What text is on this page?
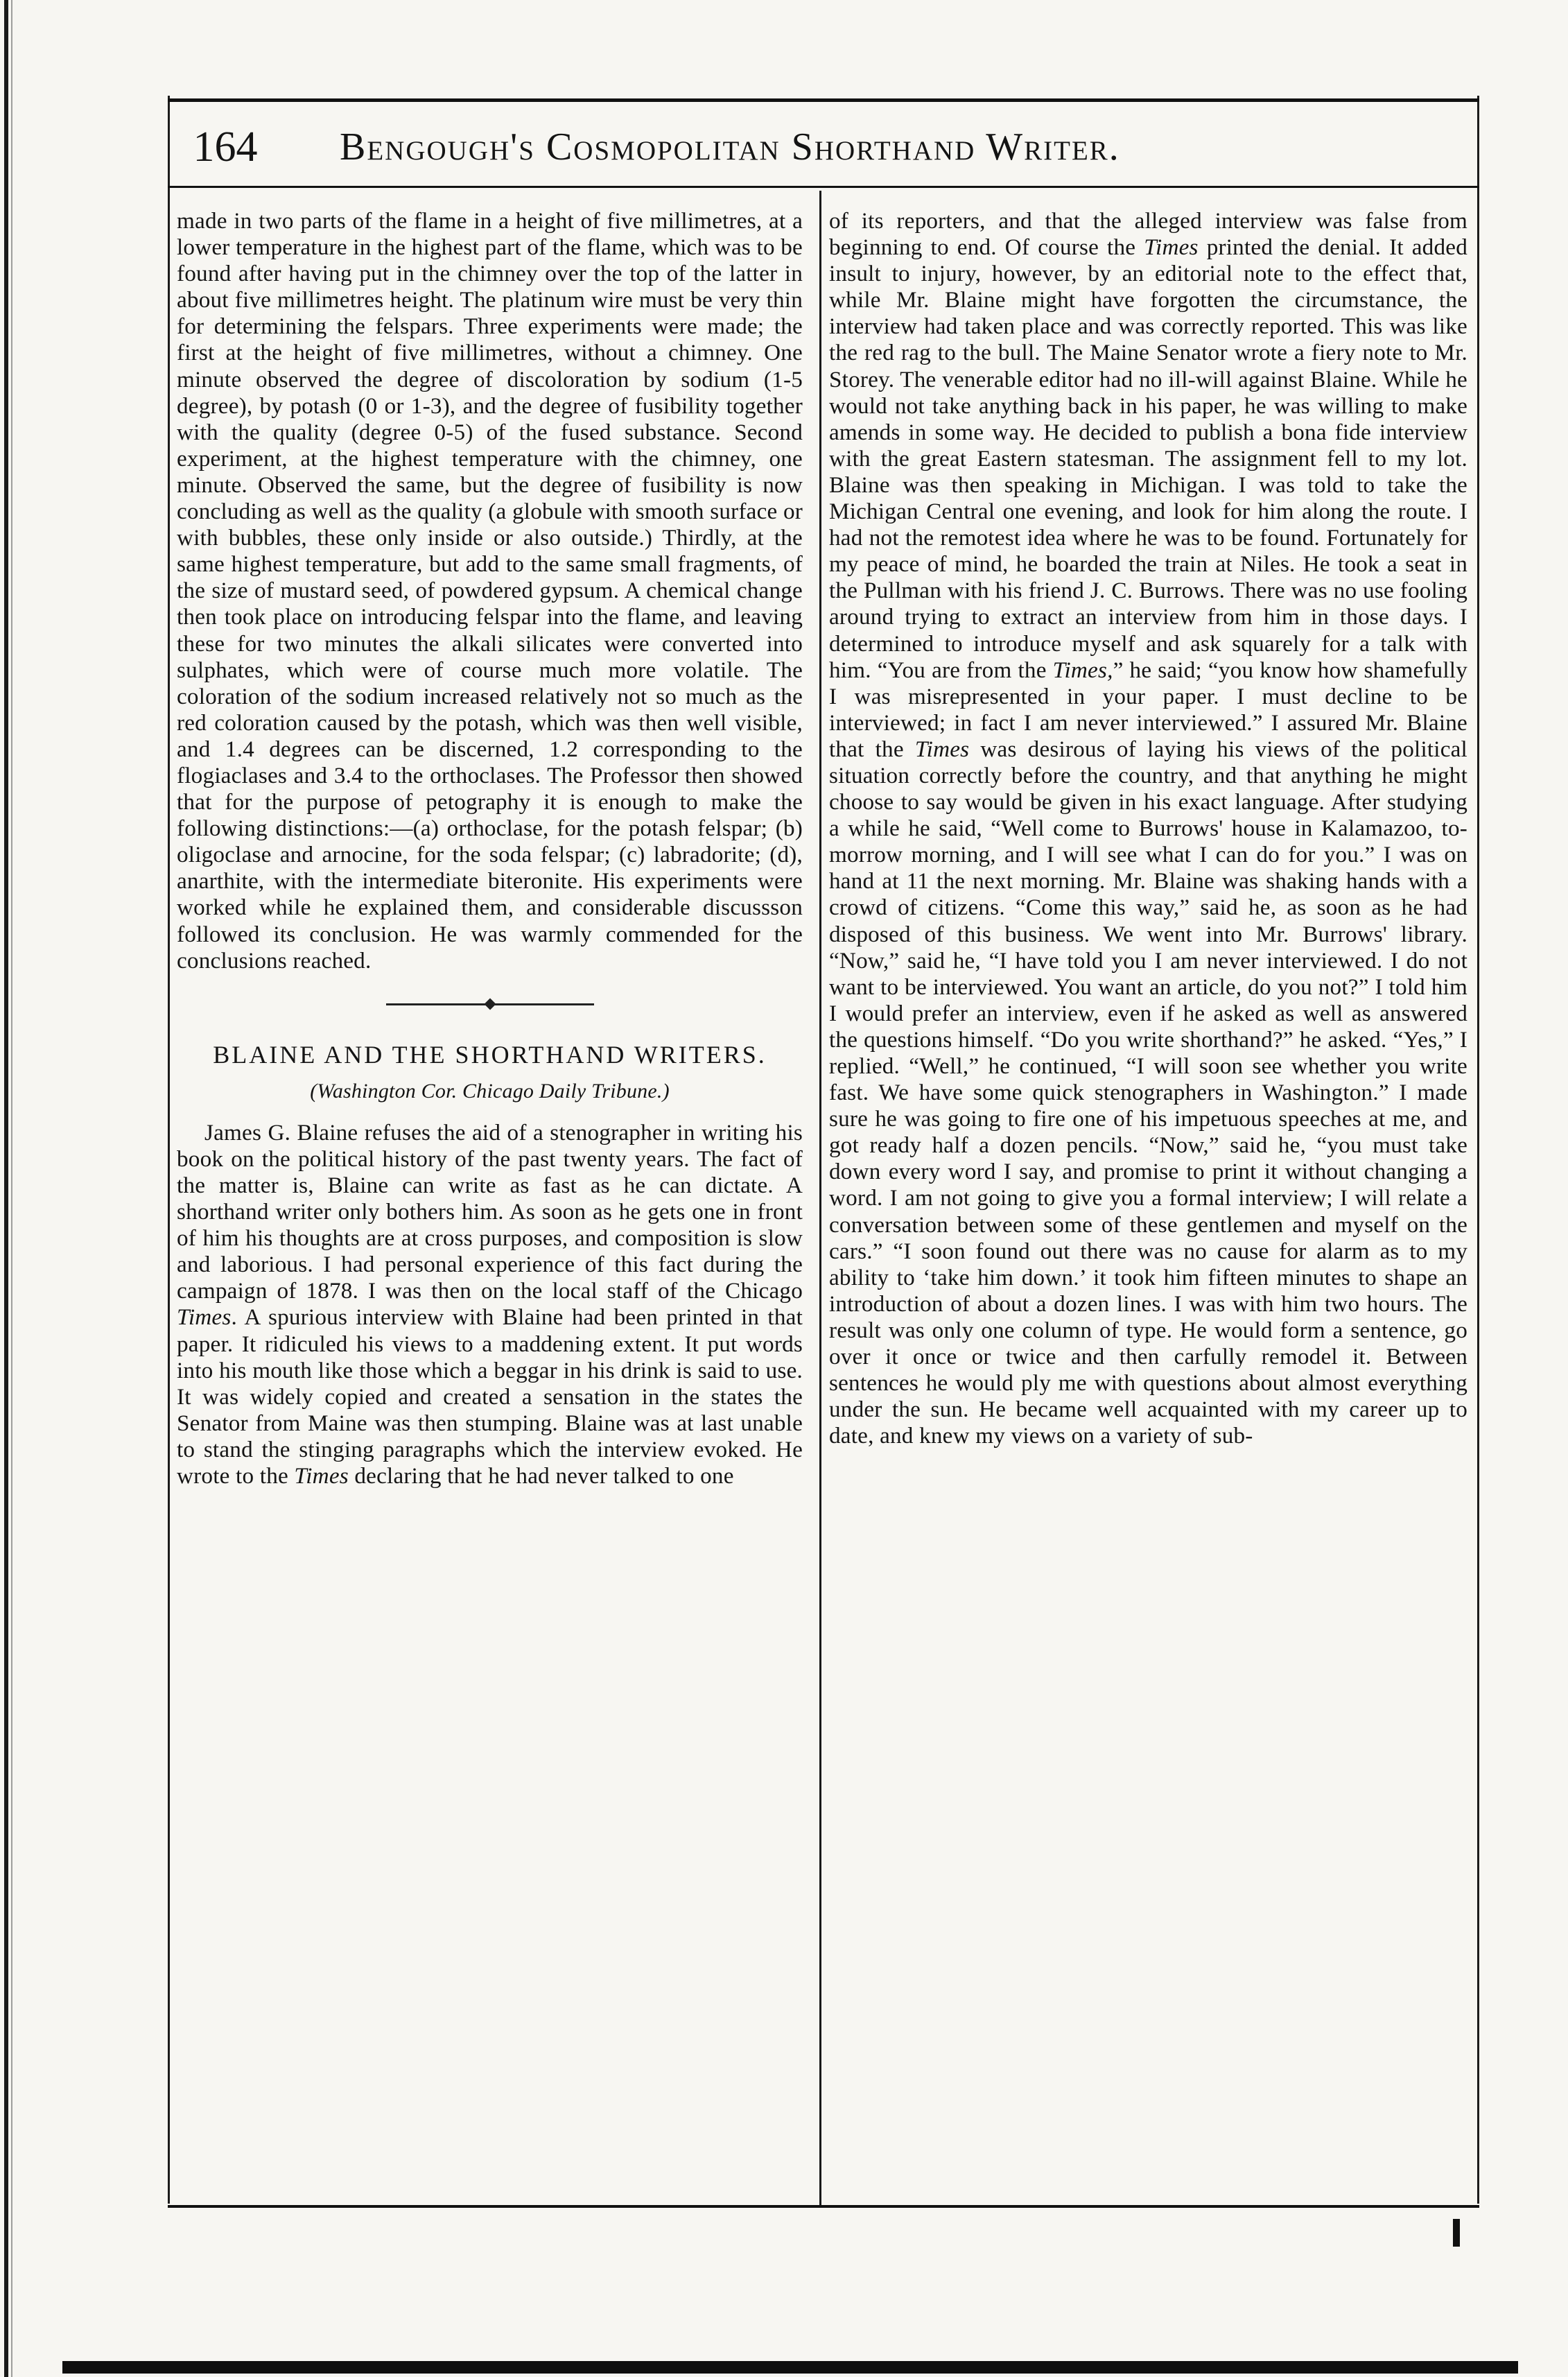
164	Bengough's Cosmopolitan Shorthand Writer.

made in two parts of the flame in a height of five millimetres, at a lower temperature in the highest part of the flame, which was to be found after having put in the chimney over the top of the latter in about five millimetres height. The platinum wire must be very thin for determining the felspars. Three experiments were made; the first at the height of five millimetres, without a chimney. One minute observed the degree of discoloration by sodium (1-5 degree), by potash (0 or 1-3), and the degree of fusibility together with the quality (degree 0-5) of the fused substance. Second experiment, at the highest temperature with the chimney, one minute. Observed the same, but the degree of fusibility is now concluding as well as the quality (a globule with smooth surface or with bubbles, these only inside or also outside.) Thirdly, at the same highest temperature, but add to the same small fragments, of the size of mustard seed, of powdered gypsum. A chemical change then took place on introducing felspar into the flame, and leaving these for two minutes the alkali silicates were converted into sulphates, which were of course much more volatile. The coloration of the sodium increased relatively not so much as the red coloration caused by the potash, which was then well visible, and 1.4 degrees can be discerned, 1.2 corresponding to the flogiaclases and 3.4 to the orthoclases. The Professor then showed that for the purpose of petography it is enough to make the following distinctions:—(a) orthoclase, for the potash felspar; (b) oligoclase and arnocine, for the soda felspar; (c) labradorite; (d), anarthite, with the intermediate biteronite. His experiments were worked while he explained them, and considerable discussson followed its conclusion. He was warmly commended for the conclusions reached.

BLAINE AND THE SHORTHAND WRITERS.
(Washington Cor. Chicago Daily Tribune.)

James G. Blaine refuses the aid of a stenographer in writing his book on the political history of the past twenty years. The fact of the matter is, Blaine can write as fast as he can dictate. A shorthand writer only bothers him. As soon as he gets one in front of him his thoughts are at cross purposes, and composition is slow and laborious. I had personal experience of this fact during the campaign of 1878. I was then on the local staff of the Chicago Times. A spurious interview with Blaine had been printed in that paper. It ridiculed his views to a maddening extent. It put words into his mouth like those which a beggar in his drink is said to use. It was widely copied and created a sensation in the states the Senator from Maine was then stumping. Blaine was at last unable to stand the stinging paragraphs which the interview evoked. He wrote to the Times declaring that he had never talked to one

of its reporters, and that the alleged interview was false from beginning to end. Of course the Times printed the denial. It added insult to injury, however, by an editorial note to the effect that, while Mr. Blaine might have forgotten the circumstance, the interview had taken place and was correctly reported. This was like the red rag to the bull. The Maine Senator wrote a fiery note to Mr. Storey. The venerable editor had no ill-will against Blaine. While he would not take anything back in his paper, he was willing to make amends in some way. He decided to publish a bona fide interview with the great Eastern statesman. The assignment fell to my lot. Blaine was then speaking in Michigan. I was told to take the Michigan Central one evening, and look for him along the route. I had not the remotest idea where he was to be found. Fortunately for my peace of mind, he boarded the train at Niles. He took a seat in the Pullman with his friend J. C. Burrows. There was no use fooling around trying to extract an interview from him in those days. I determined to introduce myself and ask squarely for a talk with him. “You are from the Times,” he said; “you know how shamefully I was misrepresented in your paper. I must decline to be interviewed; in fact I am never interviewed.” I assured Mr. Blaine that the Times was desirous of laying his views of the political situation correctly before the country, and that anything he might choose to say would be given in his exact language. After studying a while he said, “Well come to Burrows' house in Kalamazoo, to-morrow morning, and I will see what I can do for you.” I was on hand at 11 the next morning. Mr. Blaine was shaking hands with a crowd of citizens. “Come this way,” said he, as soon as he had disposed of this business. We went into Mr. Burrows' library. “Now,” said he, “I have told you I am never interviewed. I do not want to be interviewed. You want an article, do you not?” I told him I would prefer an interview, even if he asked as well as answered the questions himself. “Do you write shorthand?” he asked. “Yes,” I replied. “Well,” he continued, “I will soon see whether you write fast. We have some quick stenographers in Washington.” I made sure he was going to fire one of his impetuous speeches at me, and got ready half a dozen pencils. “Now,” said he, “you must take down every word I say, and promise to print it without changing a word. I am not going to give you a formal interview; I will relate a conversation between some of these gentlemen and myself on the cars.” “I soon found out there was no cause for alarm as to my ability to ‘take him down.’ it took him fifteen minutes to shape an introduction of about a dozen lines. I was with him two hours. The result was only one column of type. He would form a sentence, go over it once or twice and then carfully remodel it. Between sentences he would ply me with questions about almost everything under the sun. He became well acquainted with my career up to date, and knew my views on a variety of sub-
